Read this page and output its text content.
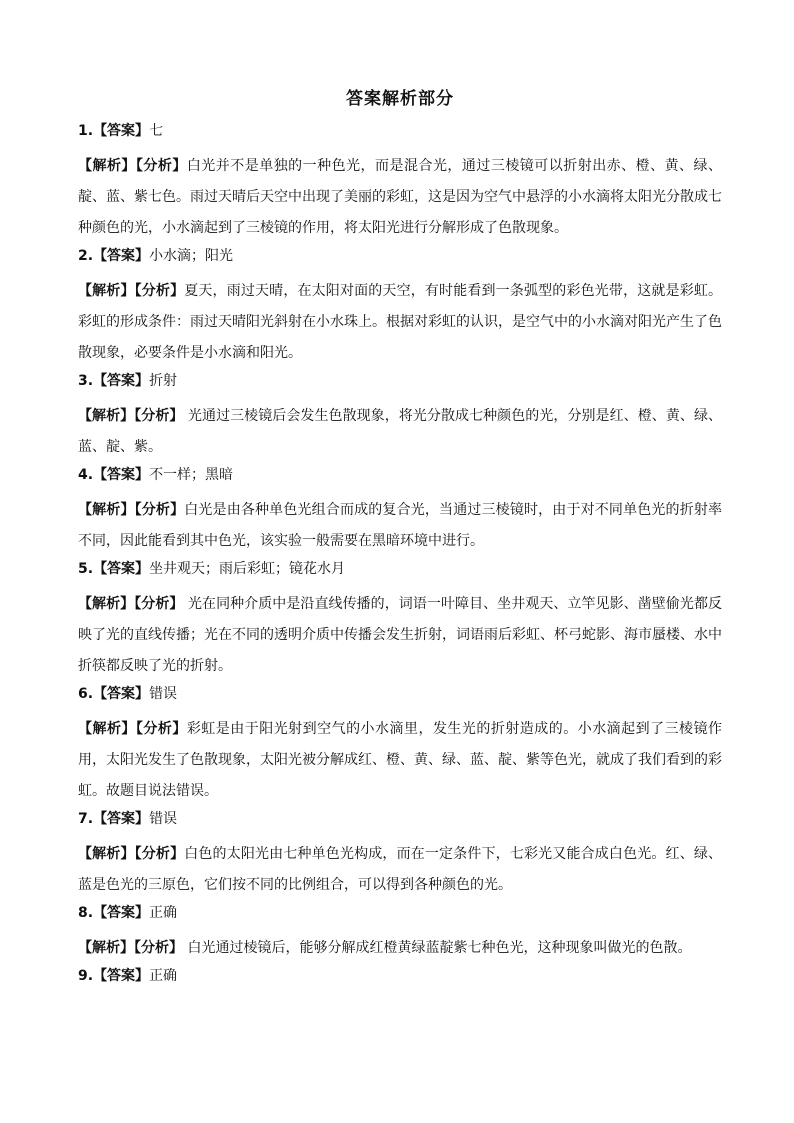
答案解析部分
1.【答案】七
【解析】【分析】白光并不是单独的一种色光，而是混合光，通过三棱镜可以折射出赤、橙、黄、绿、靛、蓝、紫七色。雨过天晴后天空中出现了美丽的彩虹，这是因为空气中悬浮的小水滴将太阳光分散成七种颜色的光，小水滴起到了三棱镜的作用，将太阳光进行分解形成了色散现象。
2.【答案】小水滴；阳光
【解析】【分析】夏天，雨过天晴，在太阳对面的天空，有时能看到一条弧型的彩色光带，这就是彩虹。 彩虹的形成条件：雨过天晴阳光斜射在小水珠上。根据对彩虹的认识，是空气中的小水滴对阳光产生了色散现象，必要条件是小水滴和阳光。
3.【答案】折射
【解析】【分析】 光通过三棱镜后会发生色散现象，将光分散成七种颜色的光，分别是红、橙、黄、绿、蓝、靛、紫。
4.【答案】不一样；黑暗
【解析】【分析】白光是由各种单色光组合而成的复合光，当通过三棱镜时，由于对不同单色光的折射率不同，因此能看到其中色光，该实验一般需要在黑暗环境中进行。
5.【答案】坐井观天；雨后彩虹；镜花水月
【解析】【分析】 光在同种介质中是沿直线传播的，词语一叶障目、坐井观天、立竿见影、凿壁偷光都反映了光的直线传播；光在不同的透明介质中传播会发生折射，词语雨后彩虹、杯弓蛇影、海市蜃楼、水中折筷都反映了光的折射。
6.【答案】错误
【解析】【分析】彩虹是由于阳光射到空气的小水滴里，发生光的折射造成的。小水滴起到了三棱镜作用，太阳光发生了色散现象，太阳光被分解成红、橙、黄、绿、蓝、靛、紫等色光，就成了我们看到的彩虹。故题目说法错误。
7.【答案】错误
【解析】【分析】白色的太阳光由七种单色光构成，而在一定条件下，七彩光又能合成白色光。红、绿、蓝是色光的三原色，它们按不同的比例组合，可以得到各种颜色的光。
8.【答案】正确
【解析】【分析】 白光通过棱镜后，能够分解成红橙黄绿蓝靛紫七种色光，这种现象叫做光的色散。
9.【答案】正确
